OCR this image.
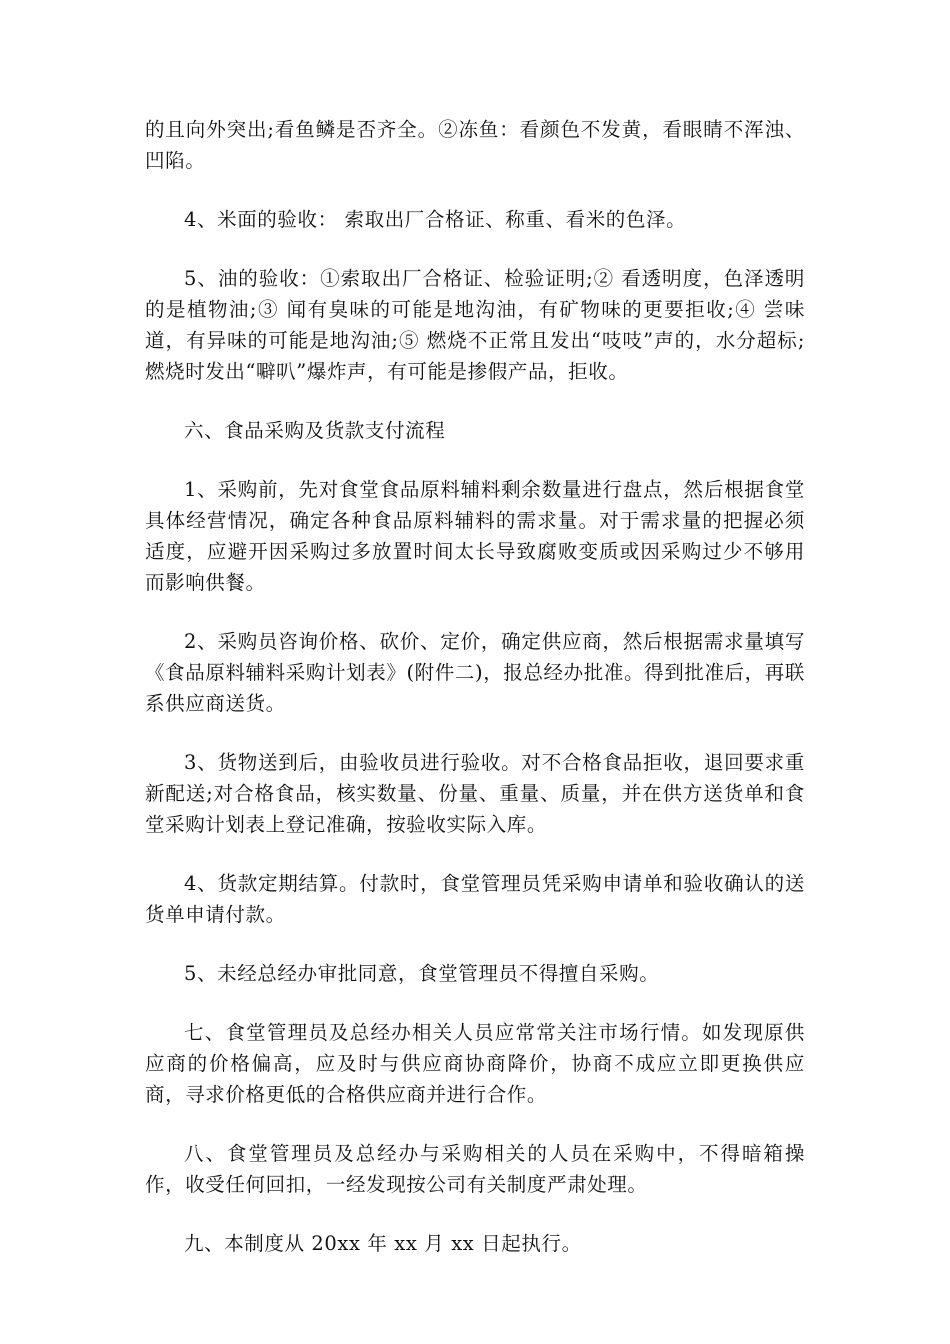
的且向外突出;看鱼鳞是否齐全。②冻鱼：看颜色不发黄，看眼睛不浑浊、凹陷。

4、米面的验收： 索取出厂合格证、称重、看米的色泽。

5、油的验收：①索取出厂合格证、检验证明;② 看透明度，色泽透明的是植物油;③ 闻有臭味的可能是地沟油，有矿物味的更要拒收;④ 尝味道，有异味的可能是地沟油;⑤ 燃烧不正常且发出“吱吱”声的，水分超标;燃烧时发出“噼叭”爆炸声，有可能是掺假产品，拒收。

六、食品采购及货款支付流程

1、采购前，先对食堂食品原料辅料剩余数量进行盘点，然后根据食堂具体经营情况，确定各种食品原料辅料的需求量。对于需求量的把握必须适度，应避开因采购过多放置时间太长导致腐败变质或因采购过少不够用而影响供餐。

2、采购员咨询价格、砍价、定价，确定供应商，然后根据需求量填写《食品原料辅料采购计划表》(附件二)，报总经办批准。得到批准后，再联系供应商送货。

3、货物送到后，由验收员进行验收。对不合格食品拒收，退回要求重新配送;对合格食品，核实数量、份量、重量、质量，并在供方送货单和食堂采购计划表上登记准确，按验收实际入库。

4、货款定期结算。付款时，食堂管理员凭采购申请单和验收确认的送货单申请付款。

5、未经总经办审批同意，食堂管理员不得擅自采购。

七、食堂管理员及总经办相关人员应常常关注市场行情。如发现原供应商的价格偏高，应及时与供应商协商降价，协商不成应立即更换供应商，寻求价格更低的合格供应商并进行合作。

八、食堂管理员及总经办与采购相关的人员在采购中，不得暗箱操作，收受任何回扣，一经发现按公司有关制度严肃处理。

九、本制度从 20xx 年 xx 月 xx 日起执行。
